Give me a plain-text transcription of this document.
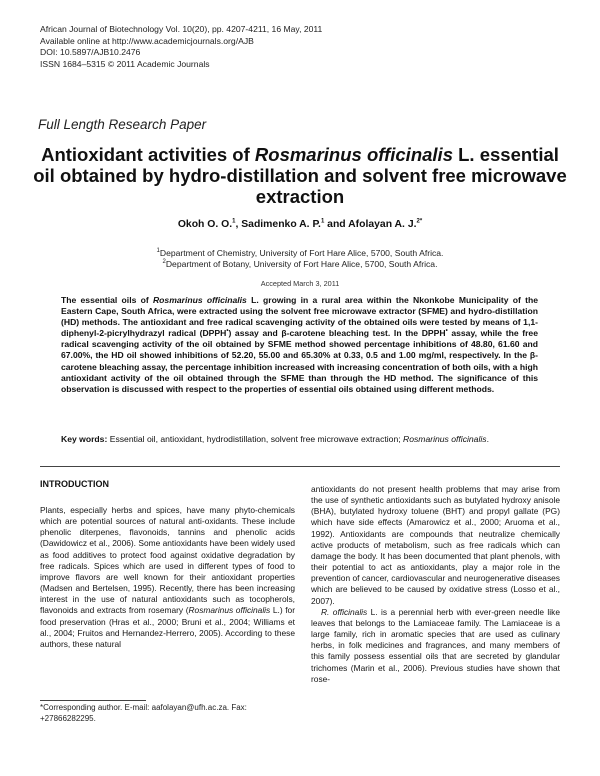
African Journal of Biotechnology Vol. 10(20), pp. 4207-4211, 16 May, 2011
Available online at http://www.academicjournals.org/AJB
DOI: 10.5897/AJB10.2476
ISSN 1684–5315 © 2011 Academic Journals
Full Length Research Paper
Antioxidant activities of Rosmarinus officinalis L. essential oil obtained by hydro-distillation and solvent free microwave extraction
Okoh O. O.$^1$, Sadimenko A. P.$^1$ and Afolayan A. J.$^{2*}$
$^1$Department of Chemistry, University of Fort Hare Alice, 5700, South Africa.
$^2$Department of Botany, University of Fort Hare Alice, 5700, South Africa.
Accepted March 3, 2011
The essential oils of Rosmarinus officinalis L. growing in a rural area within the Nkonkobe Municipality of the Eastern Cape, South Africa, were extracted using the solvent free microwave extractor (SFME) and hydro-distillation (HD) methods. The antioxidant and free radical scavenging activity of the obtained oils were tested by means of 1,1-diphenyl-2-picrylhydrazyl radical (DPPH•) assay and β-carotene bleaching test. In the DPPH• assay, while the free radical scavenging activity of the oil obtained by SFME method showed percentage inhibitions of 48.80, 61.60 and 67.00%, the HD oil showed inhibitions of 52.20, 55.00 and 65.30% at 0.33, 0.5 and 1.00 mg/ml, respectively. In the β-carotene bleaching assay, the percentage inhibition increased with increasing concentration of both oils, with a high antioxidant activity of the oil obtained through the SFME than through the HD method. The significance of this observation is discussed with respect to the properties of essential oils obtained using different methods.
Key words: Essential oil, antioxidant, hydrodistillation, solvent free microwave extraction; Rosmarinus officinalis.
INTRODUCTION
Plants, especially herbs and spices, have many phyto-chemicals which are potential sources of natural anti-oxidants. These include phenolic diterpenes, flavonoids, tannins and phenolic acids (Dawidowicz et al., 2006). Some antioxidants have been widely used as food additives to protect food against oxidative degradation by free radicals. Spices which are used in different types of food to improve flavors are well known for their antioxidant properties (Madsen and Bertelsen, 1995). Recently, there has been increasing interest in the use of natural antioxidants such as tocopherols, flavonoids and extracts from rosemary (Rosmarinus officinalis L.) for food preservation (Hras et al., 2000; Bruni et al., 2004; Williams et al., 2004; Fruitos and Hernandez-Herrero, 2005). According to these authors, these natural
antioxidants do not present health problems that may arise from the use of synthetic antioxidants such as butylated hydroxy anisole (BHA), butylated hydroxy toluene (BHT) and propyl gallate (PG) which have side effects (Amarowicz et al., 2000; Aruoma et al., 1992). Antioxidants are compounds that neutralize chemically active products of metabolism, such as free radicals which can damage the body. It has been documented that plant phenols, with their potential to act as antioxidants, play a major role in the prevention of cancer, cardiovascular and neurogenerative diseases which are believed to be caused by oxidative stress (Losso et al., 2007).
R. officinalis L. is a perennial herb with ever-green needle like leaves that belongs to the Lamiaceae family. The Lamiaceae is a large family, rich in aromatic species that are used as culinary herbs, in folk medicines and fragrances, and many members of this family possess essential oils that are secreted by glandular trichomes (Marin et al., 2006). Previous studies have shown that rose-
*Corresponding author. E-mail: aafolayan@ufh.ac.za. Fax: +27866282295.
